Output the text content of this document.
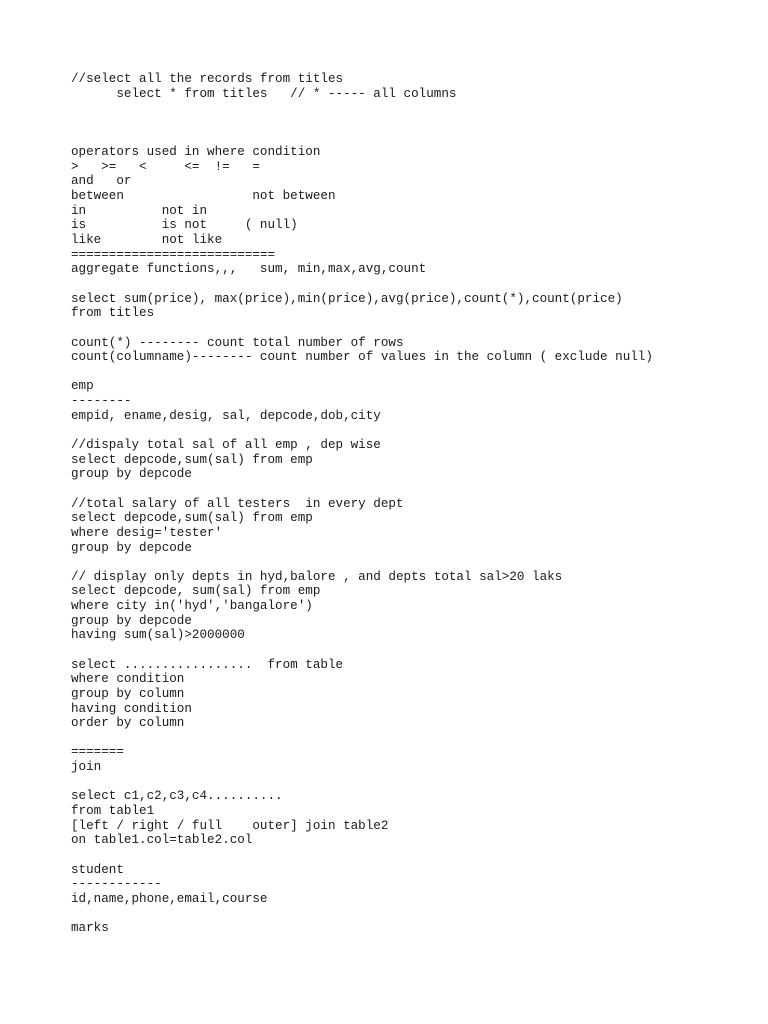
//select all the records from titles
select * from titles   // * ----- all columns
operators used in where condition
>   >=   <     <=  !=   =
and   or
between                 not between
in          not in
is          is not     ( null)
like        not like
===========================
aggregate functions,,,   sum, min,max,avg,count
select sum(price), max(price),min(price),avg(price),count(*),count(price)
from titles
count(*) -------- count total number of rows
count(columname)-------- count number of values in the column ( exclude null)
emp
--------
empid, ename,desig, sal, depcode,dob,city
//dispaly total sal of all emp , dep wise
select depcode,sum(sal) from emp
group by depcode
//total salary of all testers  in every dept
select depcode,sum(sal) from emp
where desig='tester'
group by depcode
// display only depts in hyd,balore , and depts total sal>20 laks
select depcode, sum(sal) from emp
where city in('hyd','bangalore')
group by depcode
having sum(sal)>2000000
select .................  from table
where condition
group by column
having condition
order by column
=======
join
select c1,c2,c3,c4..........
from table1
[left / right / full    outer] join table2
on table1.col=table2.col
student
------------
id,name,phone,email,course
marks
